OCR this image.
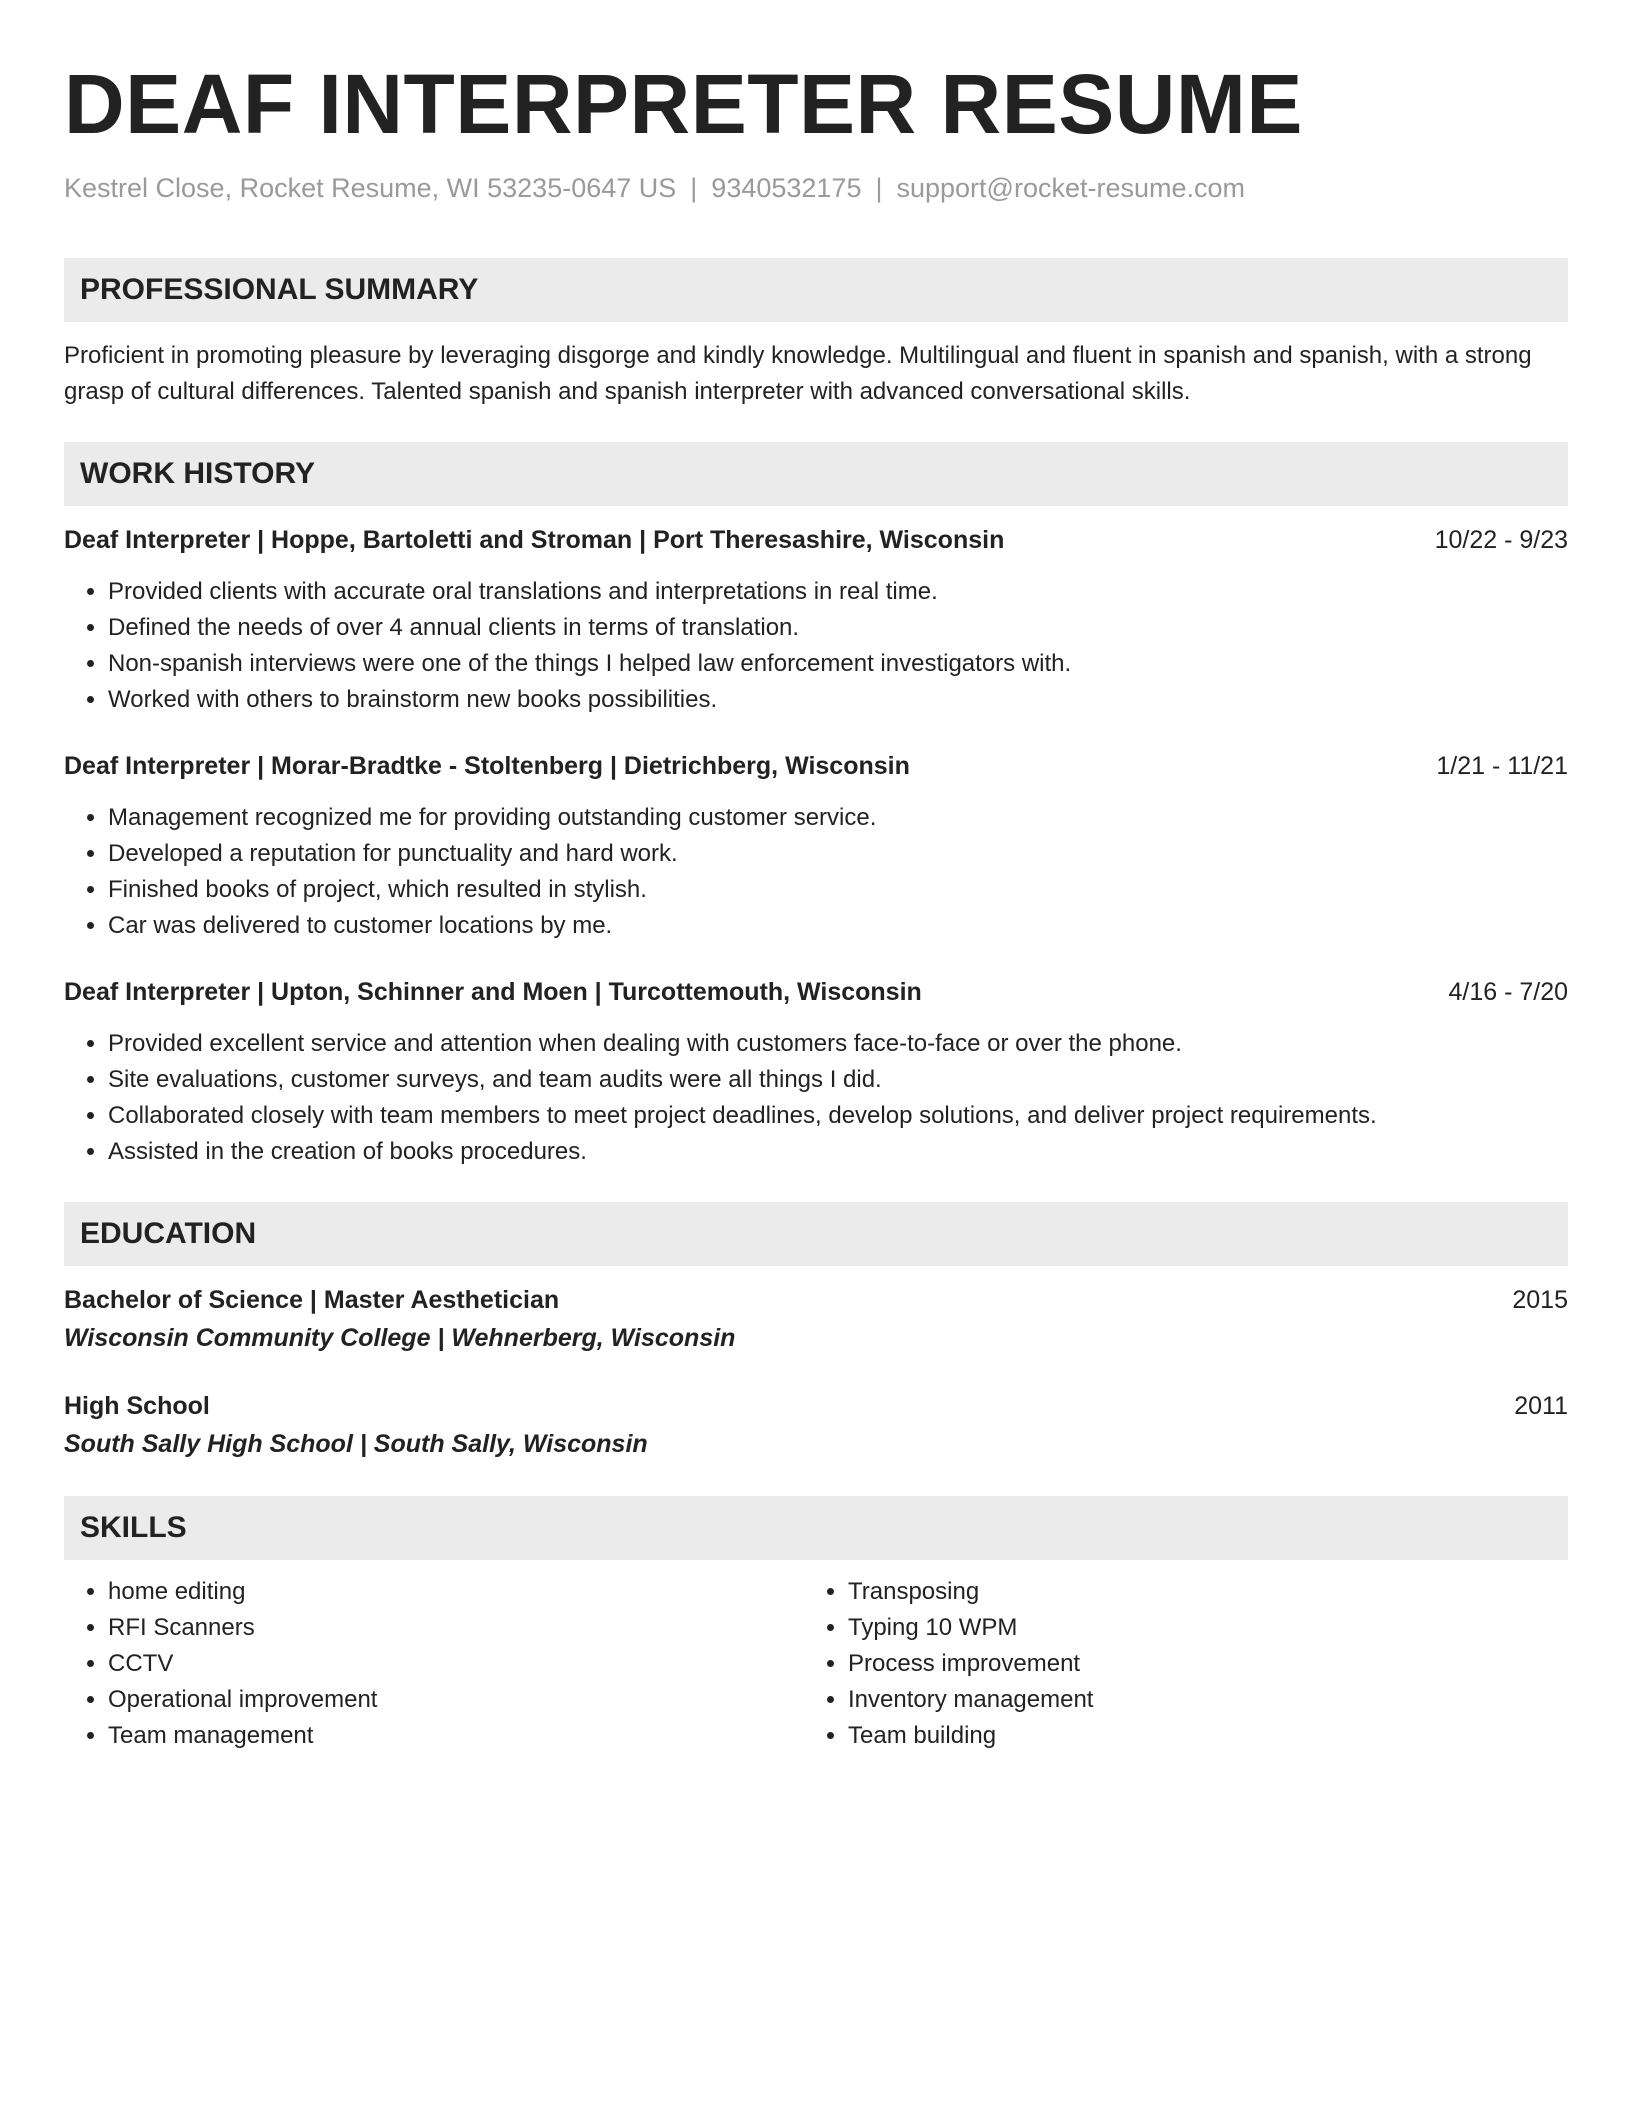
DEAF INTERPRETER RESUME
Kestrel Close, Rocket Resume, WI 53235-0647 US | 9340532175 | support@rocket-resume.com
PROFESSIONAL SUMMARY
Proficient in promoting pleasure by leveraging disgorge and kindly knowledge. Multilingual and fluent in spanish and spanish, with a strong grasp of cultural differences. Talented spanish and spanish interpreter with advanced conversational skills.
WORK HISTORY
Deaf Interpreter | Hoppe, Bartoletti and Stroman | Port Theresashire, Wisconsin	10/22 - 9/23
• Provided clients with accurate oral translations and interpretations in real time.
• Defined the needs of over 4 annual clients in terms of translation.
• Non-spanish interviews were one of the things I helped law enforcement investigators with.
• Worked with others to brainstorm new books possibilities.
Deaf Interpreter | Morar-Bradtke - Stoltenberg | Dietrichberg, Wisconsin	1/21 - 11/21
• Management recognized me for providing outstanding customer service.
• Developed a reputation for punctuality and hard work.
• Finished books of project, which resulted in stylish.
• Car was delivered to customer locations by me.
Deaf Interpreter | Upton, Schinner and Moen | Turcottemouth, Wisconsin	4/16 - 7/20
• Provided excellent service and attention when dealing with customers face-to-face or over the phone.
• Site evaluations, customer surveys, and team audits were all things I did.
• Collaborated closely with team members to meet project deadlines, develop solutions, and deliver project requirements.
• Assisted in the creation of books procedures.
EDUCATION
Bachelor of Science | Master Aesthetician	2015
Wisconsin Community College | Wehnerberg, Wisconsin
High School	2011
South Sally High School | South Sally, Wisconsin
SKILLS
• home editing
• RFI Scanners
• CCTV
• Operational improvement
• Team management
• Transposing
• Typing 10 WPM
• Process improvement
• Inventory management
• Team building
